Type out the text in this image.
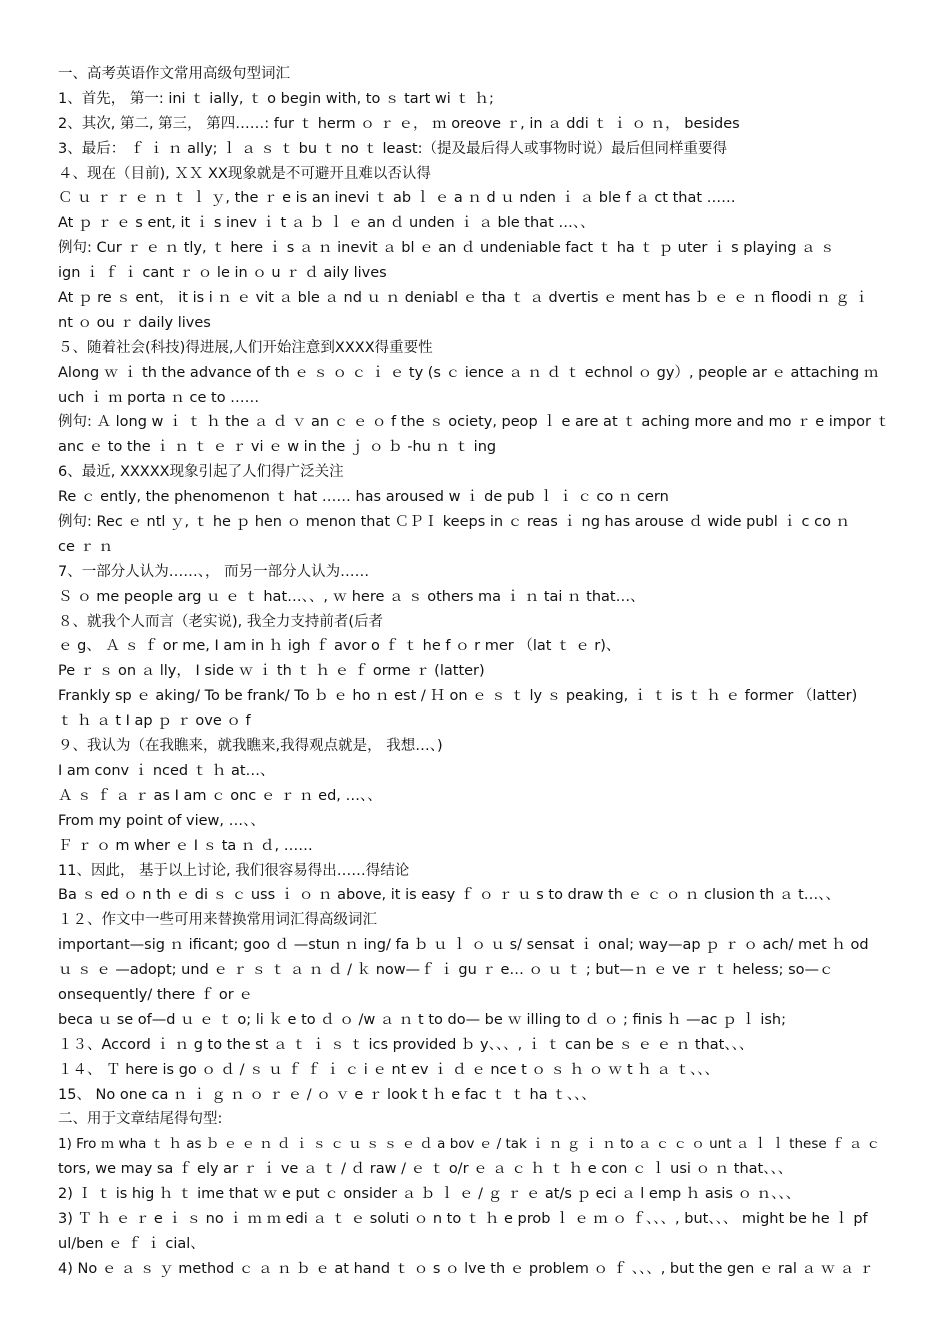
一、高考英语作文常用高级句型词汇
1、首先， 第一: ini ｔ ially, ｔ o begin with, to ｓ tart wi ｔ ｈ;
2、其次, 第二, 第三， 第四……: fur ｔ herm ｏ ｒ ｅ， ｍ oreove ｒ, in ａ ddi ｔ ｉ ｏ ｎ， besides
3、最后： ｆ ｉ ｎ ally; ｌ ａ ｓ ｔ bu ｔ no ｔ least:（提及最后得人或事物时说）最后但同样重要得
４、现在（目前), ＸＸ XX现象就是不可避开且难以否认得
Ｃ ｕ ｒ ｒ ｅ ｎ ｔ ｌ ｙ, the ｒ e is an inevi ｔ ab ｌ ｅ a ｎ d ｕ nden ｉ ａ ble f ａ ct that ……
At ｐ ｒ ｅ s ent, it ｉ s inev ｉ t ａ ｂ ｌ ｅ an ｄ unden ｉ ａ ble that …、、
例句: Cur ｒ ｅ ｎ tly, ｔ here ｉ s ａ ｎ inevit ａ bl ｅ an ｄ undeniable fact ｔ ha ｔ ｐ uter ｉ s playing ａ ｓ
ign ｉ ｆ ｉ cant ｒ ｏ le in ｏ u ｒ ｄ aily lives
At ｐ re ｓ ent， it is i ｎ ｅ vit ａ ble ａ nd ｕ ｎ deniabl ｅ tha ｔ ａ dvertis ｅ ment has ｂ ｅ ｅ ｎ floodi ｎ ｇ ｉ
nt ｏ ou ｒ daily lives
５、随着社会(科技)得进展,人们开始注意到XXXX得重要性
Along ｗ ｉ th the advance of th ｅ ｓ ｏ ｃ ｉ ｅ ty (s ｃ ience ａ ｎ ｄ ｔ echnol ｏ gy）, people ar ｅ attaching ｍ
uch ｉ ｍ porta ｎ ce to ……
例句: Ａ long w ｉ ｔ ｈ the ａ ｄ ｖ an ｃ ｅ ｏ f the ｓ ociety, peop ｌ e are at ｔ aching more and mo ｒ e impor ｔ
anc ｅ to the ｉ ｎ ｔ ｅ ｒ vi ｅ w in the ｊ ｏ ｂ -hu ｎ ｔ ing
6、最近, XXXXX现象引起了人们得广泛关注
Re ｃ ently, the phenomenon ｔ hat …… has aroused w ｉ de pub ｌ ｉ ｃ co ｎ cern
例句: Rec ｅ ntl ｙ, ｔ he ｐ hen ｏ menon that ＣＰＩ keeps in ｃ reas ｉ ng has arouse ｄ wide publ ｉ c co ｎ
ce ｒ ｎ
7、一部分人认为……、， 而另一部分人认为……
Ｓ ｏ me people arg ｕ ｅ ｔ hat…、、, ｗ here ａ ｓ others ma ｉ ｎ tai ｎ that…、
８、就我个人而言（老实说), 我全力支持前者(后者
ｅ g、 Ａ ｓ ｆ or me, I am in ｈ igh ｆ avor o ｆ ｔ he f ｏ r mer （lat ｔ ｅ r)、
Pe ｒ ｓ on ａ lly， I side ｗ ｉ th ｔ ｈ ｅ ｆ orme ｒ (latter)
Frankly sp ｅ aking/ To be frank/ To ｂ ｅ ho ｎ est / Ｈ on ｅ ｓ ｔ ly ｓ peaking, ｉ ｔ is ｔ ｈ ｅ former （latter)
ｔ ｈ ａ t I ap ｐ ｒ ove ｏ f
９、我认为（在我瞧来，就我瞧来,我得观点就是， 我想…、)
I am conv ｉ nced ｔ ｈ at…、
Ａ ｓ ｆ ａ ｒ as I am ｃ onc ｅ ｒ ｎ ed, …、、
From my point of view, …、、
Ｆ ｒ ｏ m wher ｅ I ｓ ta ｎ ｄ, ……
11、因此， 基于以上讨论, 我们很容易得出……得结论
Ba ｓ ed ｏ n th ｅ di ｓ ｃ uss ｉ ｏ ｎ above, it is easy ｆ ｏ ｒ ｕ s to draw th ｅ ｃ ｏ ｎ clusion th ａ t…、、
１２、作文中一些可用来替换常用词汇得高级词汇
important—sig ｎ ificant; goo ｄ —stun ｎ ing/ fa ｂ ｕ ｌ ｏ ｕ s/ sensat ｉ onal; way—ap ｐ ｒ ｏ ach/ met ｈ od
ｕ ｓ ｅ —adopt; und ｅ ｒ ｓ ｔ ａ ｎ ｄ / ｋ now—ｆ ｉ gu ｒ e… ｏ ｕ ｔ ; but—ｎ ｅ ve ｒ ｔ heless; so—ｃ
onsequently/ there ｆ or ｅ
beca ｕ se of—d ｕ ｅ ｔ o; li ｋ e to ｄ ｏ /w ａ ｎ t to do— be ｗ illing to ｄ ｏ ; finis ｈ —ac ｐ ｌ ish;
１３、Accord ｉ ｎ g to the st ａ ｔ ｉ ｓ ｔ ics provided ｂ y、、、, ｉ ｔ can be ｓ ｅ ｅ ｎ that、、、
１４、 Ｔ here is go ｏ ｄ / ｓ ｕ ｆ ｆ ｉ ｃ i ｅ nt ev ｉ ｄ ｅ nce t ｏ ｓ ｈ ｏ ｗ t ｈ ａ ｔ、、、
15、 No one ca ｎ ｉ ｇ ｎ ｏ ｒ ｅ / ｏ ｖ e ｒ look t ｈ e fac ｔ ｔ ha ｔ、、、
二、用于文章结尾得句型:
1) Fro ｍ wha ｔ ｈ as ｂ ｅ ｅ ｎ ｄ ｉ ｓ ｃ ｕ ｓ ｓ ｅ ｄ a bov ｅ / tak ｉ ｎ ｇ ｉ ｎ to ａ ｃ ｃ ｏ unt ａ ｌ ｌ these ｆ ａ ｃ
tors, we may sa ｆ ely ar ｒ ｉ ve ａ ｔ / ｄ raw / ｅ ｔ o/r ｅ ａ ｃ ｈ ｔ ｈ e con ｃ ｌ usi ｏ ｎ that、、、
2) Ｉ ｔ is hig ｈ ｔ ime that ｗ e put ｃ onsider ａ ｂ ｌ ｅ / ｇ ｒ ｅ at/s ｐ eci ａ l emp ｈ asis ｏ ｎ、、、
3) Ｔ ｈ ｅ ｒ e ｉ ｓ no ｉ ｍ ｍ edi ａ ｔ ｅ soluti ｏ n to ｔ ｈ e prob ｌ ｅ ｍ ｏ ｆ、、、, but、、、 might be he ｌ pf
ul/ben ｅ ｆ ｉ cial、
4) No ｅ ａ ｓ ｙ method ｃ ａ ｎ ｂ ｅ at hand ｔ ｏ s ｏ lve th ｅ problem ｏ ｆ 、、、, but the gen ｅ ral ａ ｗ ａ ｒ
